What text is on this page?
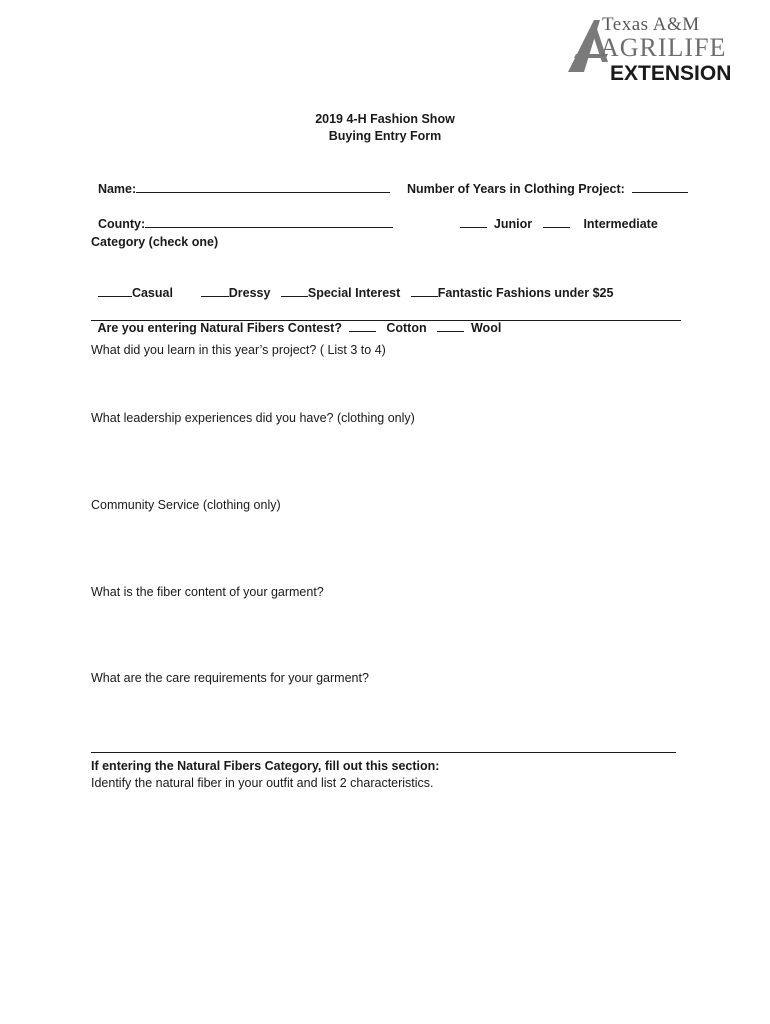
Texas A&M
AGRILIFE
EXTENSION
2019 4-H Fashion Show
Buying Entry Form

Name:	Number of Years in Clothing Project:

County:	Junior	Intermediate

Category (check one)

Casual	Dressy	Special Interest	Fantastic Fashions under $25

Are you entering Natural Fibers Contest?	Cotton	Wool

What did you learn in this year’s project? ( List 3 to 4)
What leadership experiences did you have? (clothing only)
Community Service (clothing only)
What is the fiber content of your garment?
What are the care requirements for your garment?
If entering the Natural Fibers Category, fill out this section:
Identify the natural fiber in your outfit and list 2 characteristics.
